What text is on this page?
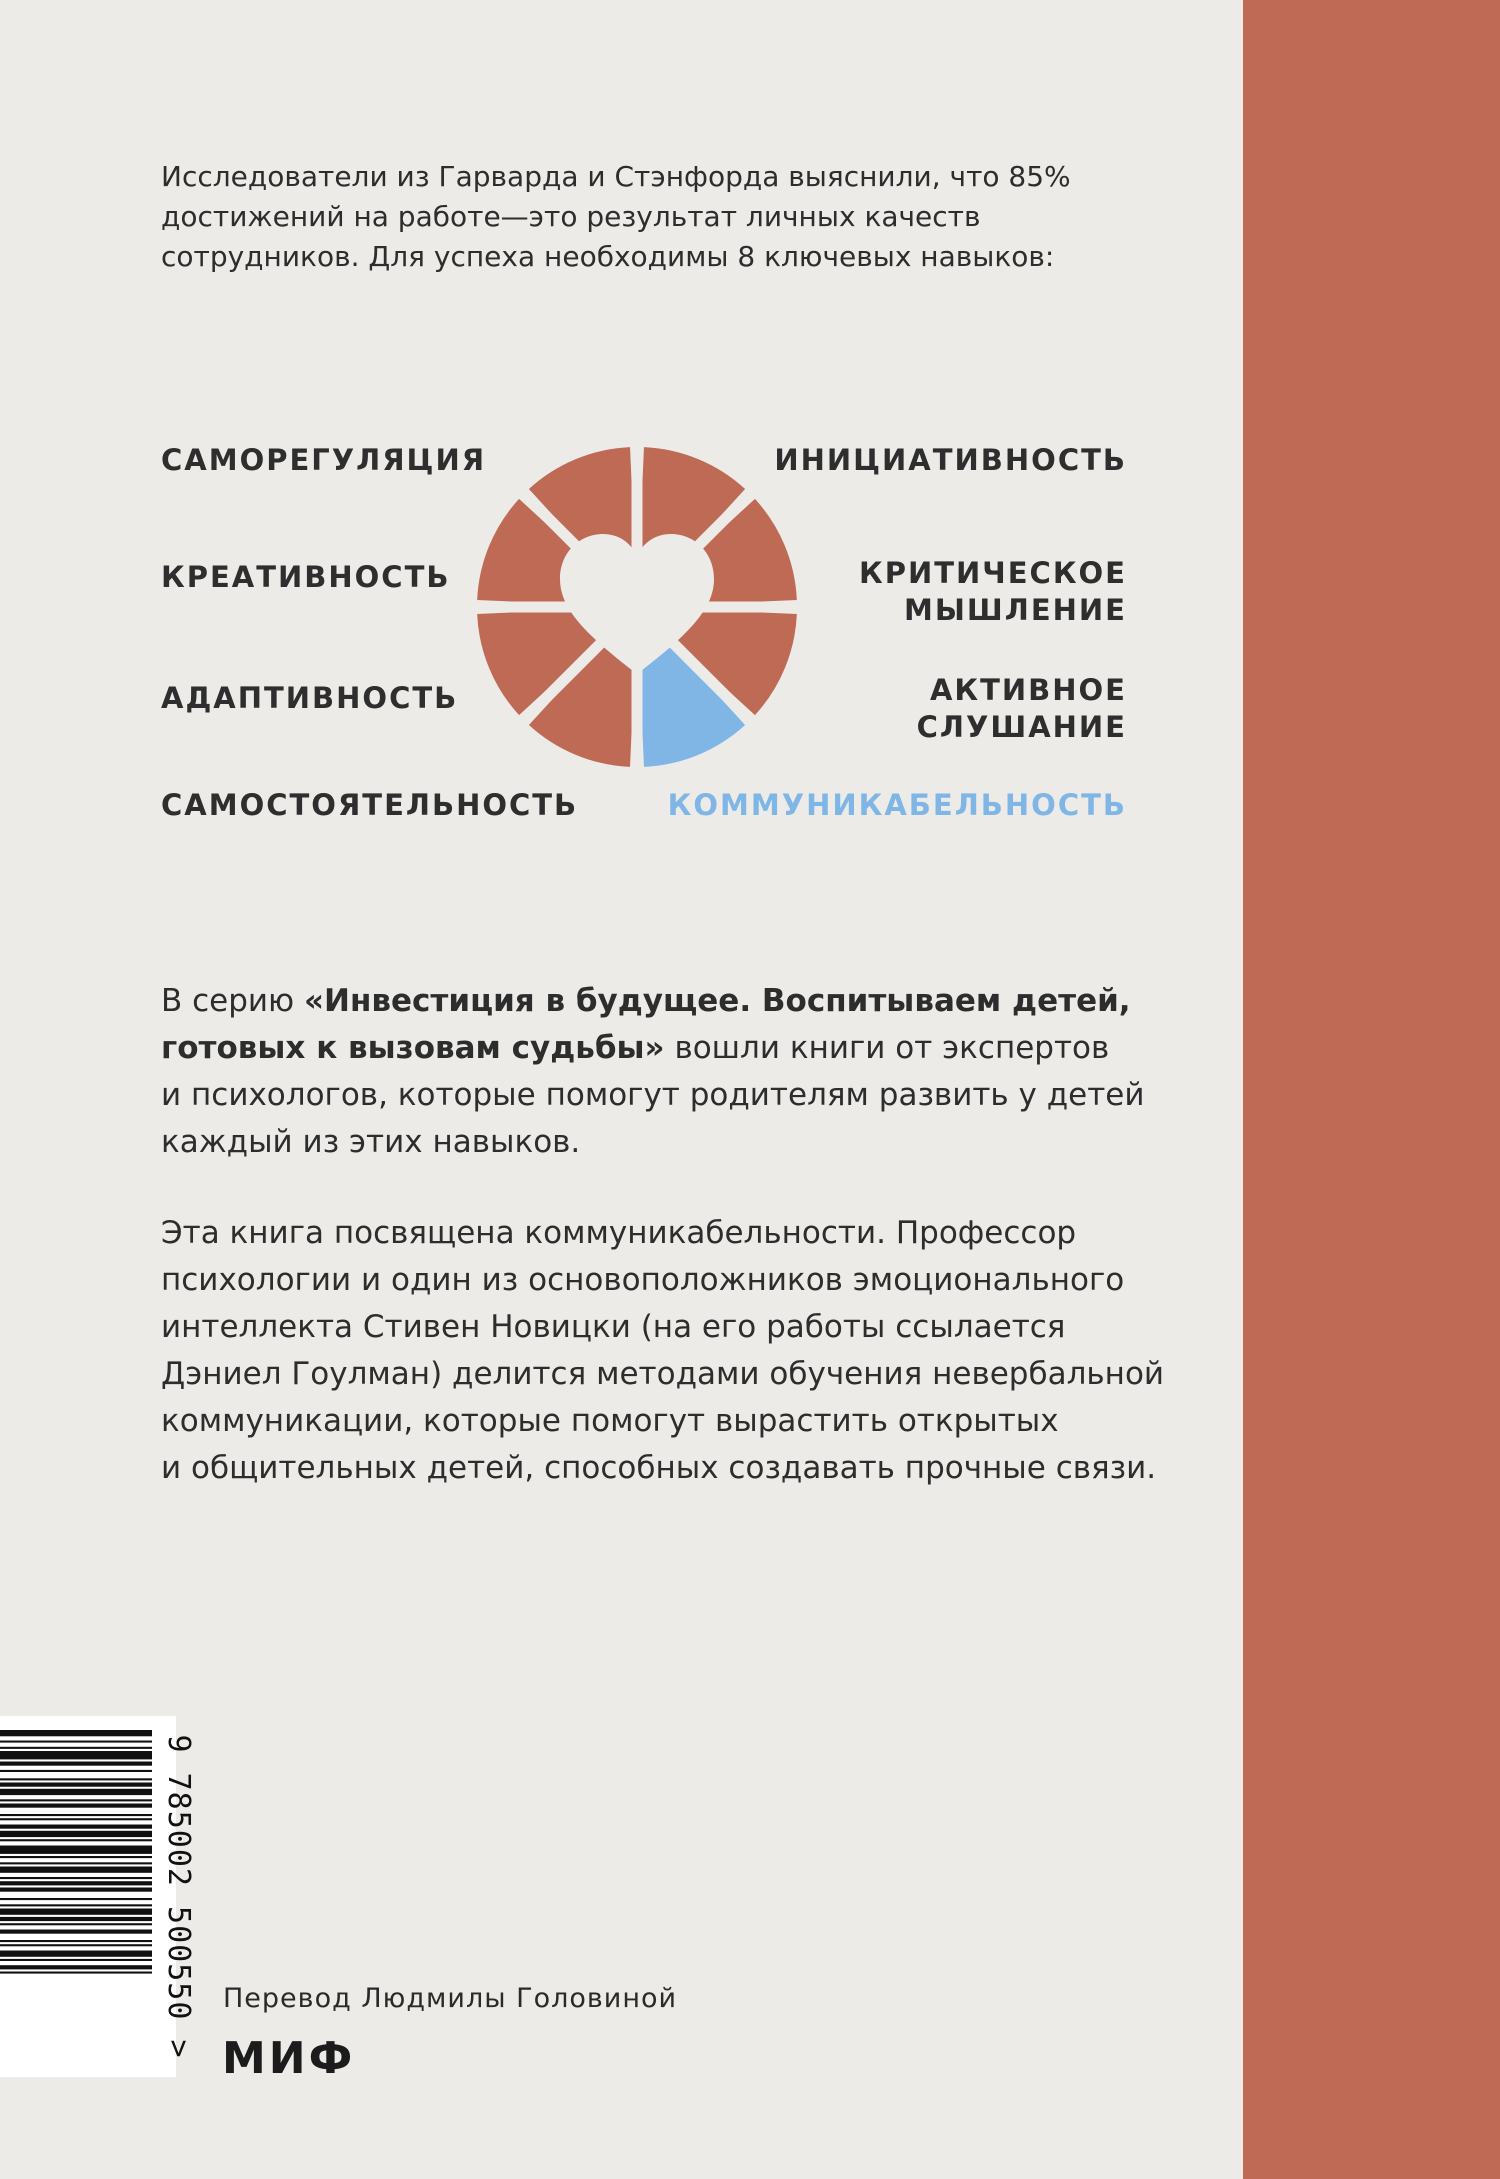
Исследователи из Гарварда и Стэнфорда выяснили, что 85%
достижений на работе—это результат личных качеств
сотрудников. Для успеха необходимы 8 ключевых навыков:
САМОРЕГУЛЯЦИЯ
КРЕАТИВНОСТЬ
АДАПТИВНОСТЬ
САМОСТОЯТЕЛЬНОСТЬ
ИНИЦИАТИВНОСТЬ
КРИТИЧЕСКОЕ
МЫШЛЕНИЕ
АКТИВНОЕ
СЛУШАНИЕ
КОММУНИКАБЕЛЬНОСТЬ
В серию «Инвестиция в будущее. Воспитываем детей,
готовых к вызовам судьбы» вошли книги от экспертов
и психологов, которые помогут родителям развить у детей
каждый из этих навыков.
Эта книга посвящена коммуникабельности. Профессор
психологии и один из основоположников эмоционального
интеллекта Стивен Новицки (на его работы ссылается
Дэниел Гоулман) делится методами обучения невербальной
коммуникации, которые помогут вырастить открытых
и общительных детей, способных создавать прочные связи.
9 785002 500550 > Перевод Людмилы Головиной
МИФ
